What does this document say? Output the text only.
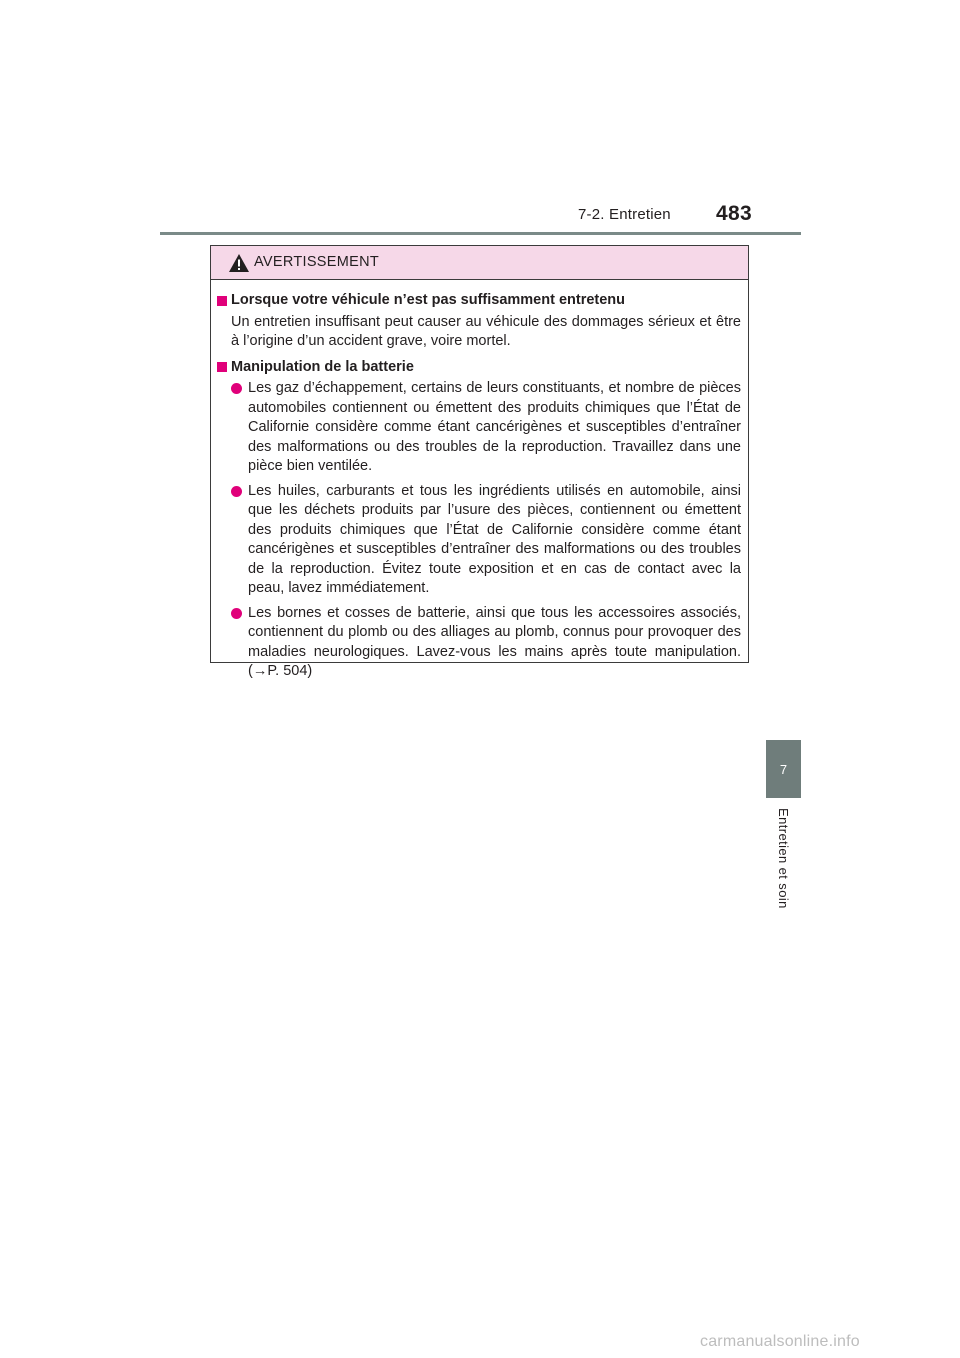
7-2. Entretien 483
7
Entretien et soin
AVERTISSEMENT
Lorsque votre véhicule n’est pas suffisamment entretenu
Un entretien insuffisant peut causer au véhicule des dommages sérieux et être à l’origine d’un accident grave, voire mortel.
Manipulation de la batterie
Les gaz d’échappement, certains de leurs constituants, et nombre de pièces automobiles contiennent ou émettent des produits chimiques que l’État de Californie considère comme étant cancérigènes et susceptibles d’entraîner des malformations ou des troubles de la reproduction. Travaillez dans une pièce bien ventilée.
Les huiles, carburants et tous les ingrédients utilisés en automobile, ainsi que les déchets produits par l’usure des pièces, contiennent ou émettent des produits chimiques que l’État de Californie considère comme étant cancérigènes et susceptibles d’entraîner des malformations ou des troubles de la reproduction. Évitez toute exposition et en cas de contact avec la peau, lavez immédiatement.
Les bornes et cosses de batterie, ainsi que tous les accessoires associés, contiennent du plomb ou des alliages au plomb, connus pour provoquer des maladies neurologiques. Lavez-vous les mains après toute manipulation. (→P. 504)
carmanualsonline.info
